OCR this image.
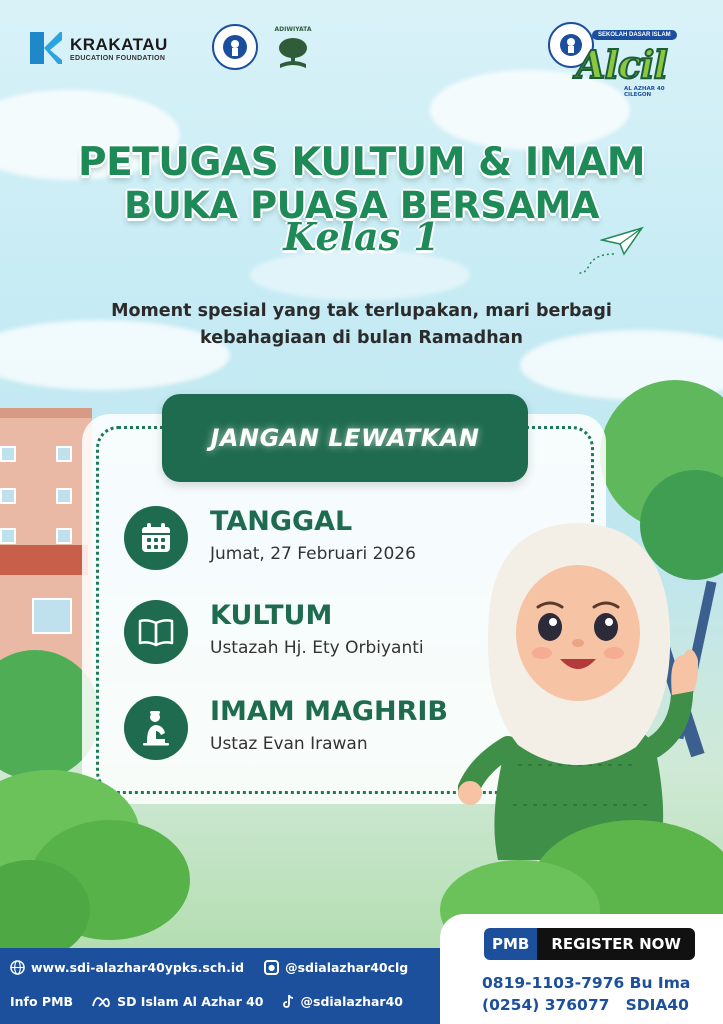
KRAKATAU
EDUCATION FOUNDATION
ADIWIYATA
SEKOLAH DASAR ISLAM
Alcil
AL AZHAR 40
CILEGON
PETUGAS KULTUM & IMAM
BUKA PUASA BERSAMA
Kelas 1
Moment spesial yang tak terlupakan, mari berbagi
kebahagiaan di bulan Ramadhan
JANGAN LEWATKAN
TANGGAL
Jumat, 27 Februari 2026
KULTUM
Ustazah Hj. Ety Orbiyanti
IMAM MAGHRIB
Ustaz Evan Irawan
www.sdi-alazhar40ypks.sch.id	● @sdialazhar40clg
Info PMB	SD Islam Al Azhar 40	@sdialazhar40
PMB	REGISTER NOW
0819-1103-7976 Bu Ima
(0254) 376077   SDIA40
